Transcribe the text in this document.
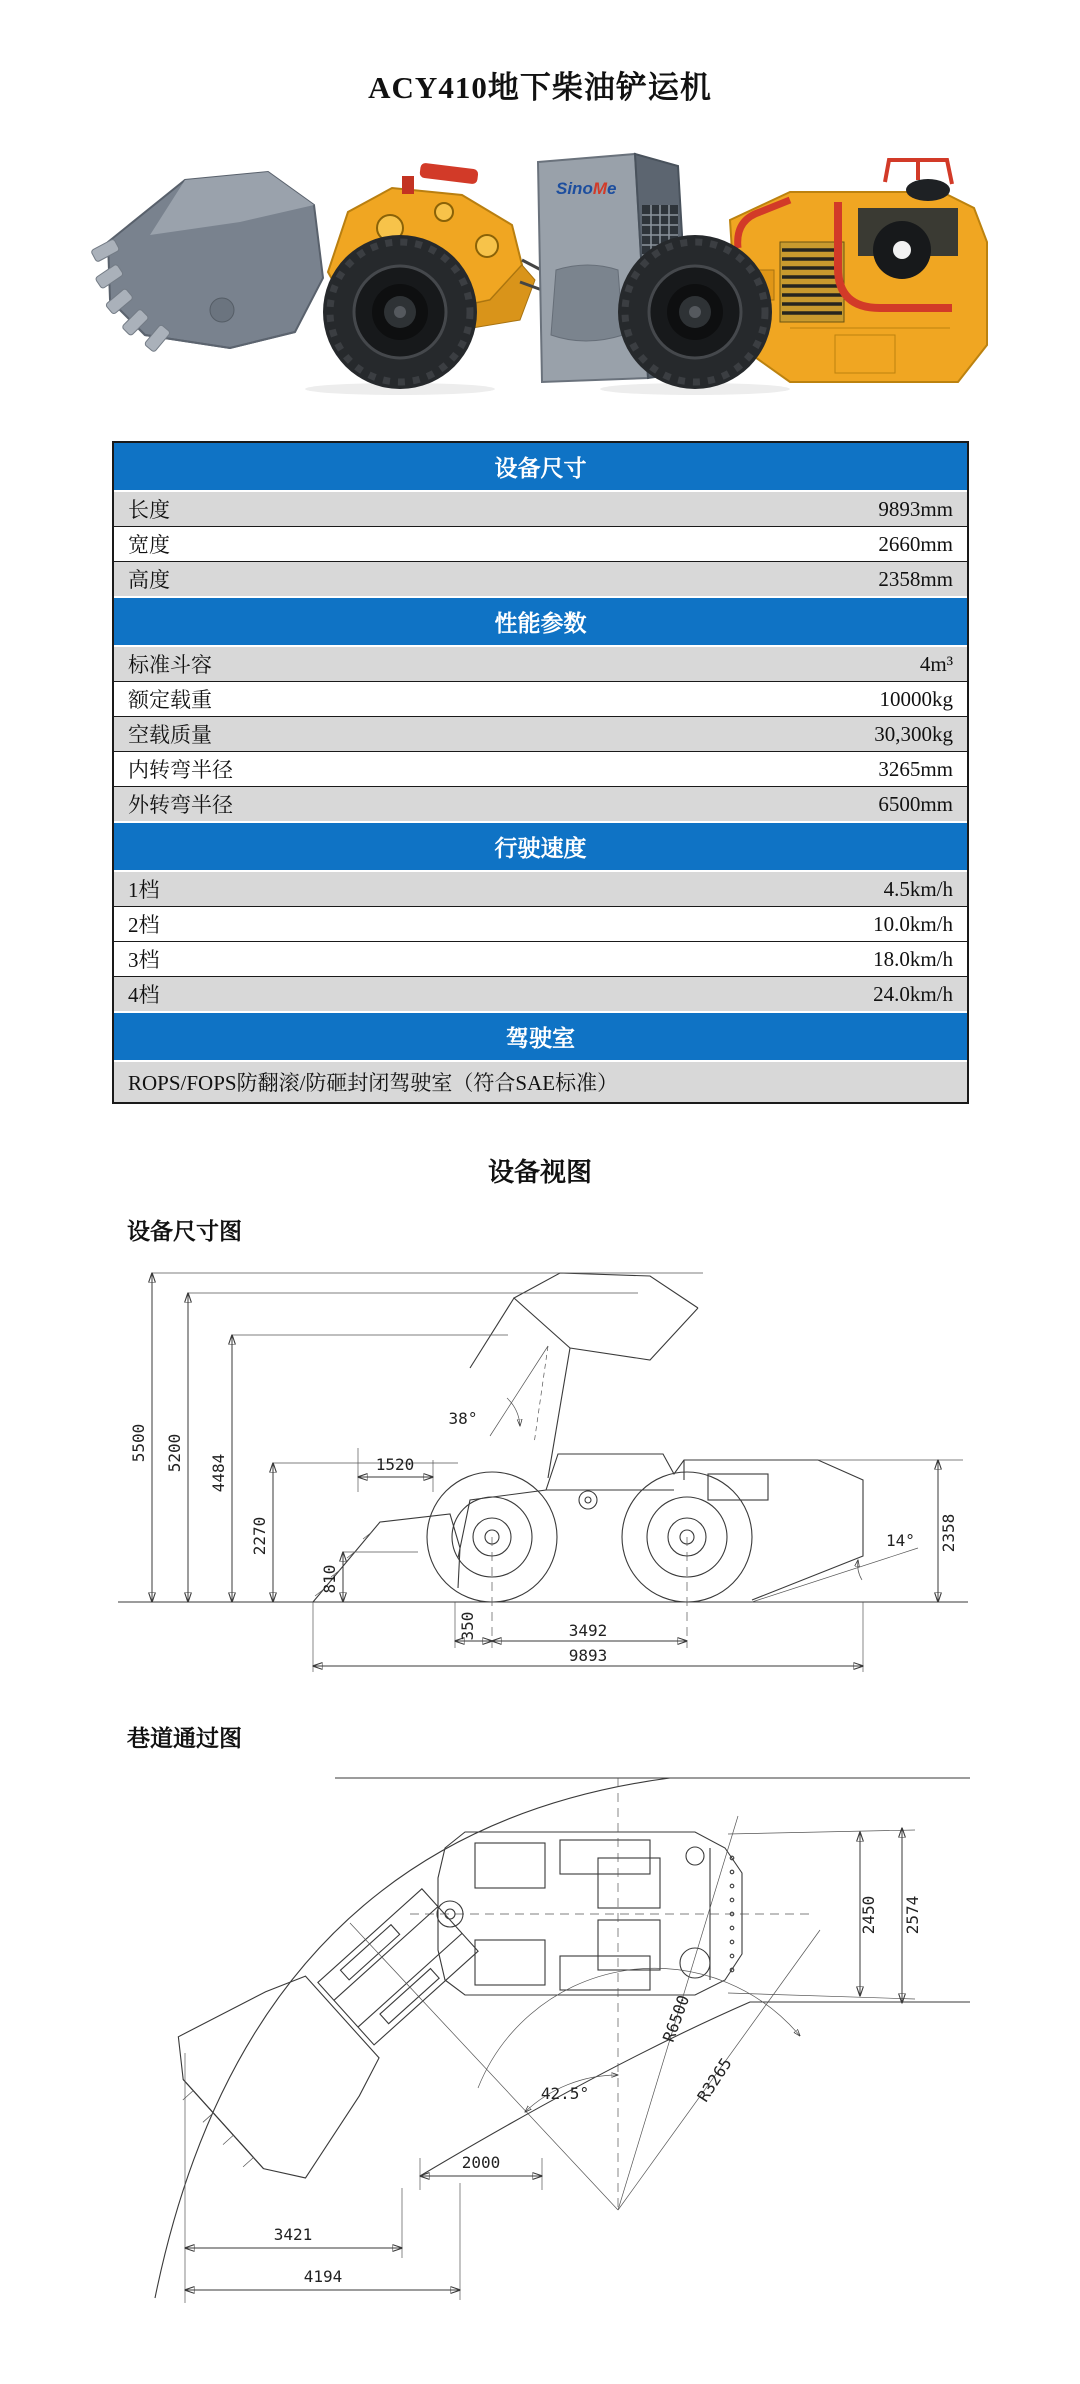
ACY410地下柴油铲运机
SinoMe
设备尺寸
长度	9893mm
宽度	2660mm
高度	2358mm
性能参数
标准斗容	4m³
额定载重	10000kg
空载质量	30,300kg
内转弯半径	3265mm
外转弯半径	6500mm
行驶速度
1档	4.5km/h
2档	10.0km/h
3档	18.0km/h
4档	24.0km/h
驾驶室
ROPS/FOPS防翻滚/防砸封闭驾驶室（符合SAE标准）
设备视图
设备尺寸图
5500 5200
4484
2270
810
1520
38°
2358
14°
350	3492
9893
巷道通过图
42.5°
R6500
R3265
2450 2574
2000
3421
4194
